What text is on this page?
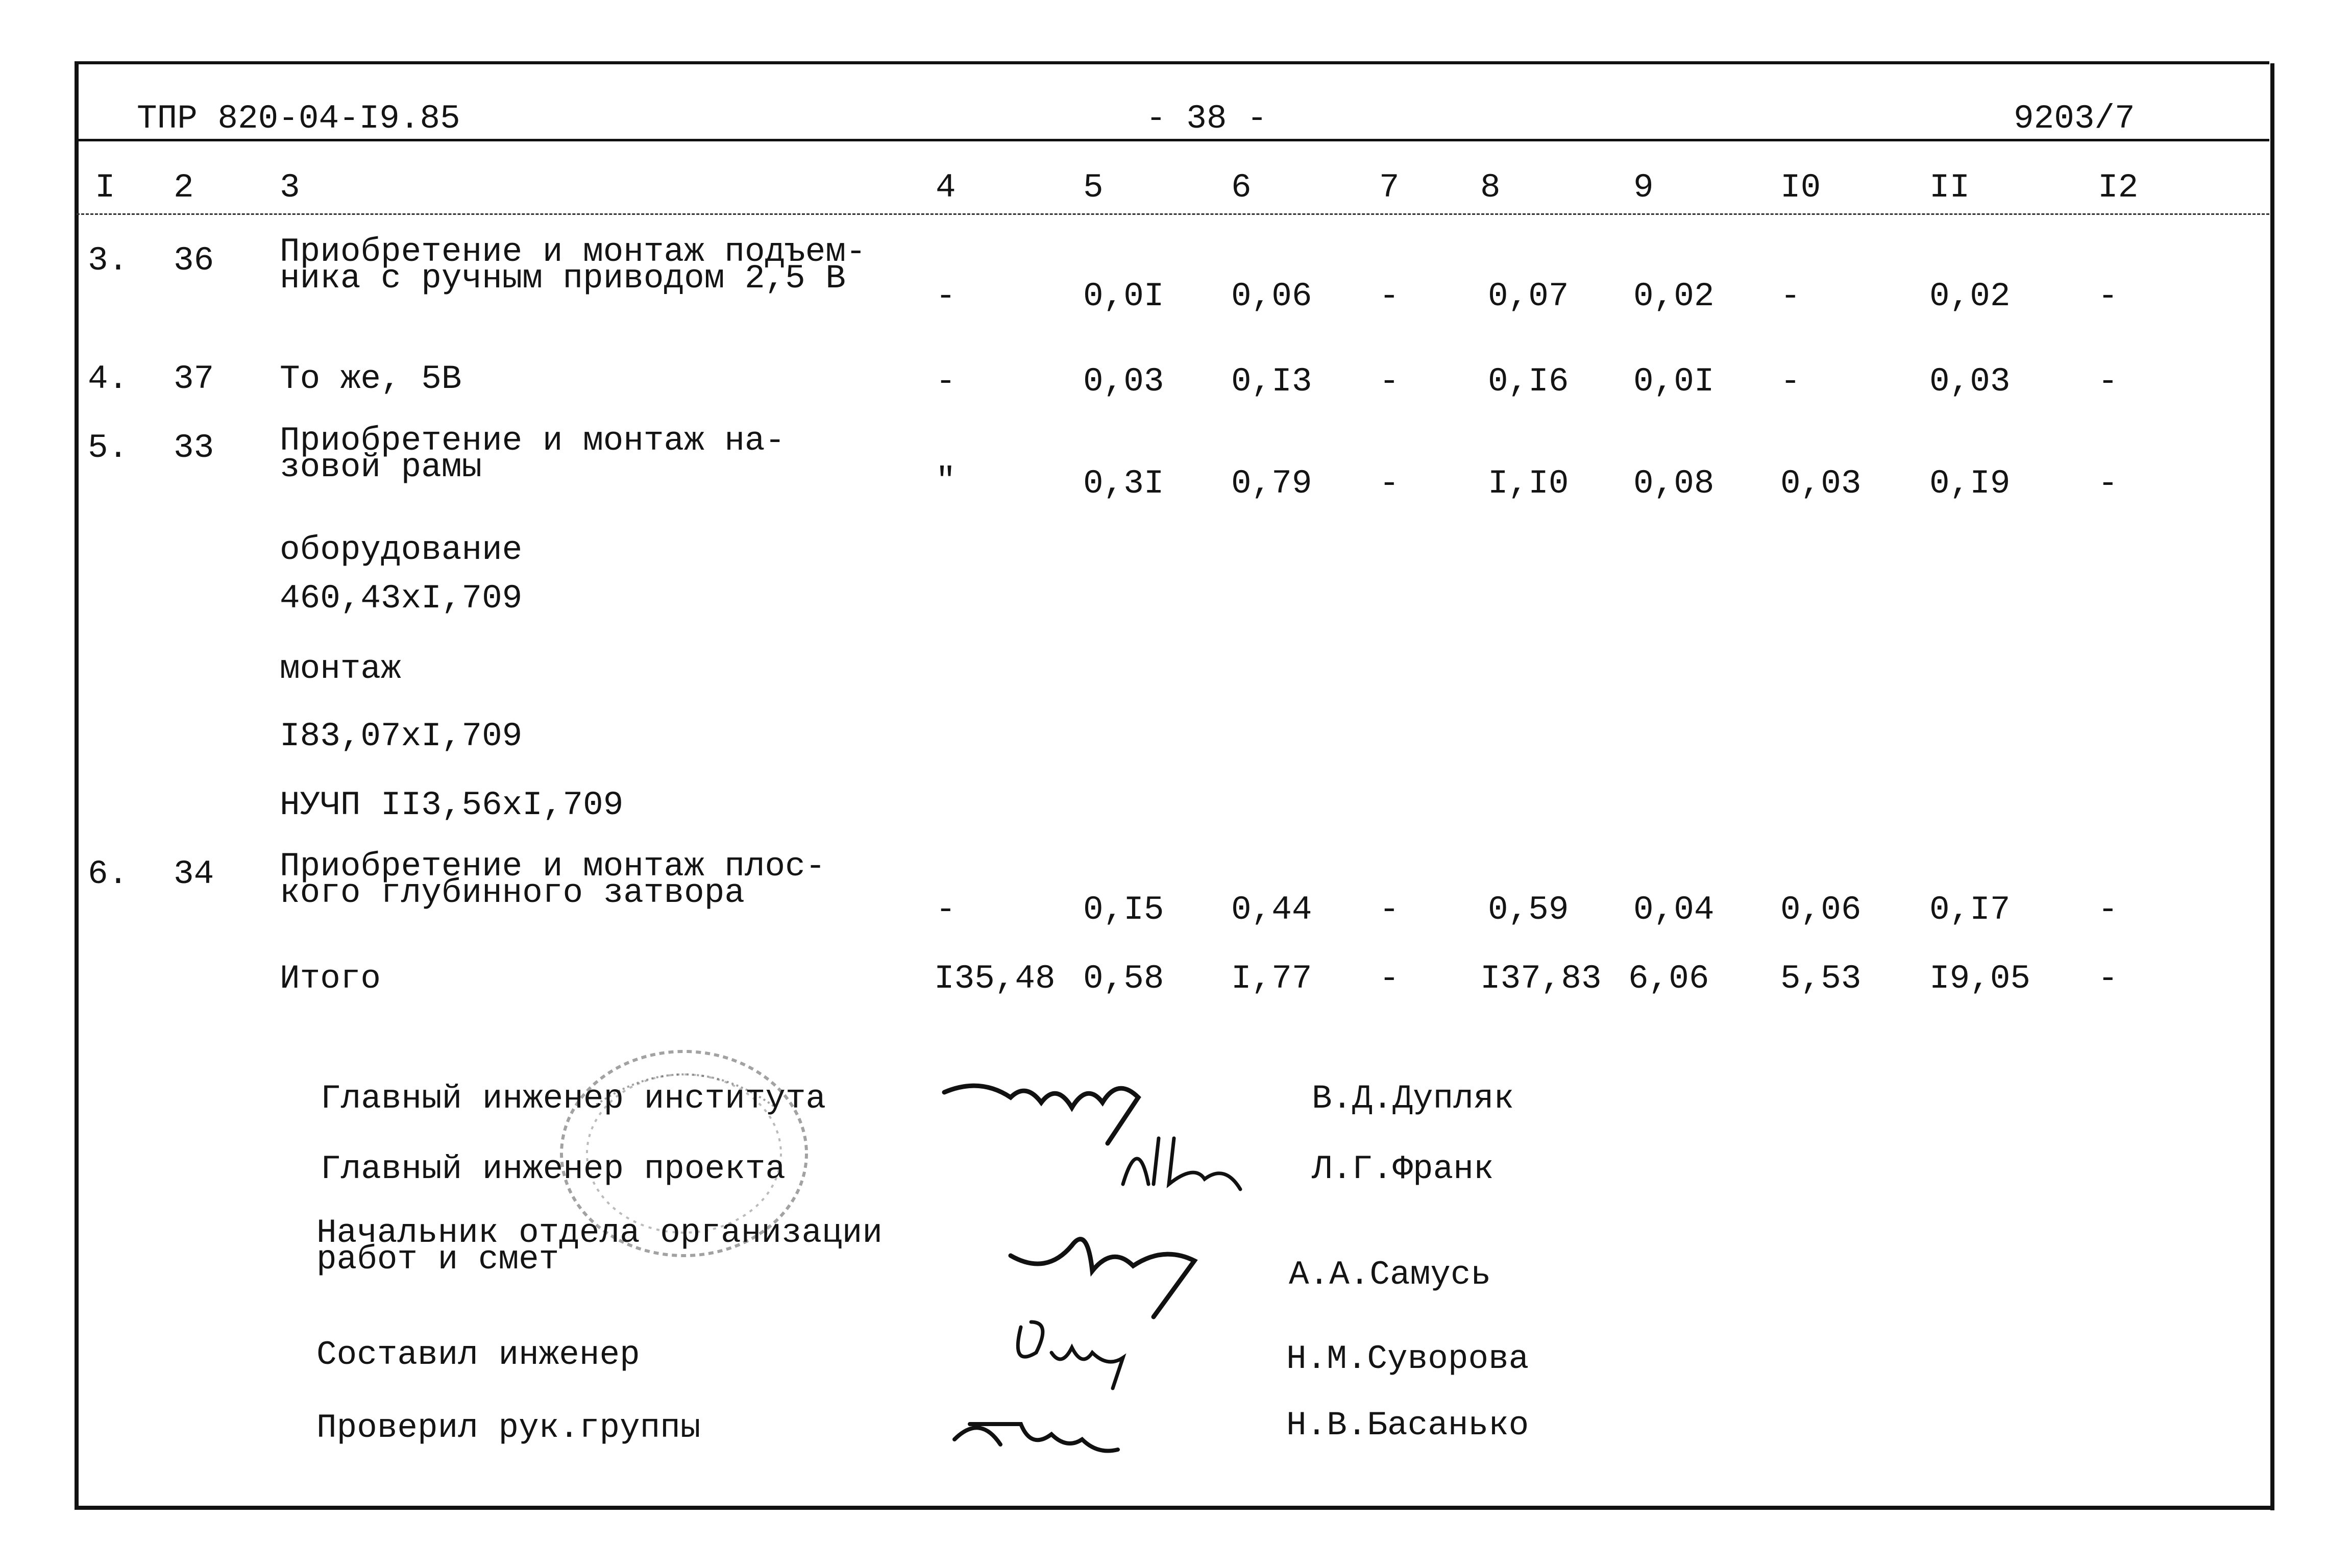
ТПР 820-04-I9.85	- 38 -	9203/7
I 2	3	4	5	6	7 8	9	I0	II	I2
3. 36 Приобретение и монтаж подъем-
ника с ручным приводом 2,5 В	-	0,0I 0,06 -	0,07 0,02 -	0,02	-
4. 37 То же, 5В	-	0,03 0,I3 -	0,I6 0,0I -	0,03	-
5. 33 Приобретение и монтаж на-
зовой рамы	"	0,3I 0,79 -	I,I0 0,08 0,03 0,I9	-
оборудование
460,43xI,709
монтаж
I83,07xI,709
НУЧП II3,56xI,709
6. 34 Приобретение и монтаж плос-
кого глубинного затвора	-	0,I5 0,44 -	0,59 0,04 0,06 0,I7	-
Итого	I35,48 0,58 I,77 - I37,83 6,06 5,53 I9,05 -
Главный инженер института
Главный инженер проекта
Начальник отдела организации
работ и смет
Составил инженер
Проверил рук.группы
В.Д.Дупляк
Л.Г.Франк
А.А.Самусь
Н.М.Суворова
Н.В.Басанько
